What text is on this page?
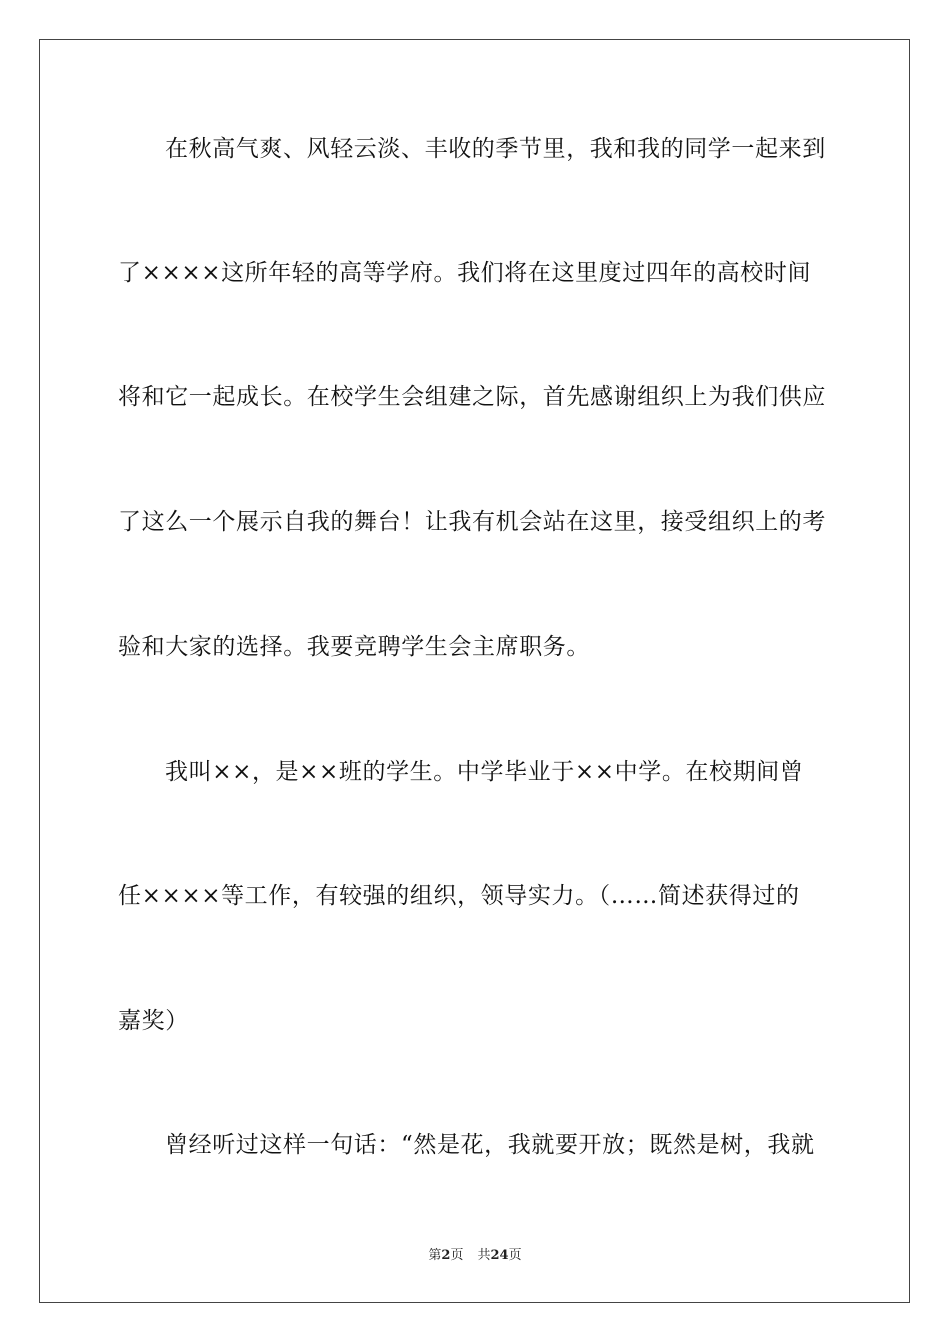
在秋高气爽、风轻云淡、丰收的季节里，我和我的同学一起来到
了××××这所年轻的高等学府。我们将在这里度过四年的高校时间
将和它一起成长。在校学生会组建之际，首先感谢组织上为我们供应
了这么一个展示自我的舞台！让我有机会站在这里，接受组织上的考
验和大家的选择。我要竞聘学生会主席职务。
我叫××，是××班的学生。中学毕业于××中学。在校期间曾
任××××等工作，有较强的组织，领导实力。（……简述获得过的
嘉奖）
曾经听过这样一句话：“然是花，我就要开放；既然是树，我就
第2页 共24页
